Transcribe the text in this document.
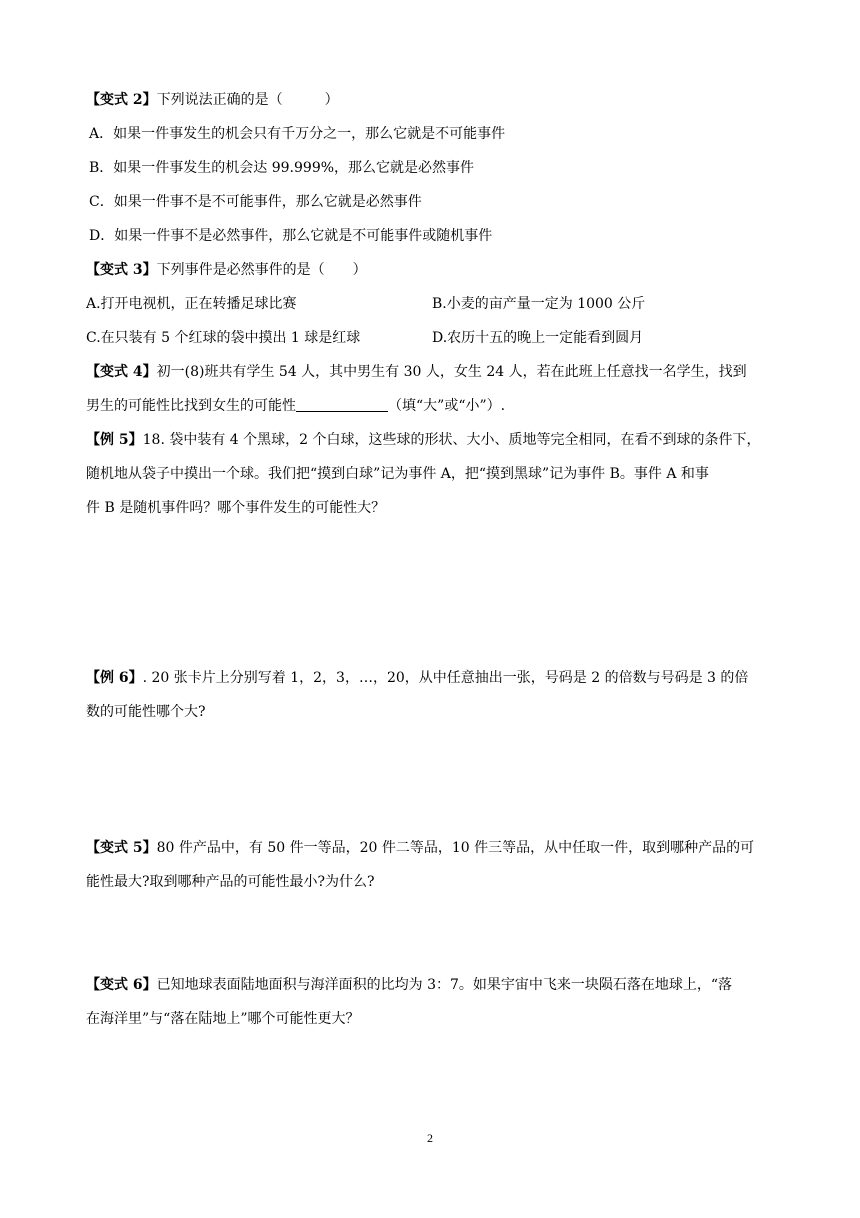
【变式 2】下列说法正确的是（　　　）
A．如果一件事发生的机会只有千万分之一，那么它就是不可能事件
B．如果一件事发生的机会达 99.999%，那么它就是必然事件
C．如果一件事不是不可能事件，那么它就是必然事件
D．如果一件事不是必然事件，那么它就是不可能事件或随机事件
【变式 3】下列事件是必然事件的是（　　）
A.打开电视机，正在转播足球比赛	B.小麦的亩产量一定为 1000 公斤
C.在只装有 5 个红球的袋中摸出 1 球是红球	D.农历十五的晚上一定能看到圆月
【变式 4】初一(8)班共有学生 54 人，其中男生有 30 人，女生 24 人，若在此班上任意找一名学生，找到
男生的可能性比找到女生的可能性	（填“大”或“小”）.
【例 5】18. 袋中装有 4 个黑球，2 个白球，这些球的形状、大小、质地等完全相同，在看不到球的条件下，
随机地从袋子中摸出一个球。我们把“摸到白球”记为事件 A，把“摸到黑球”记为事件 B。事件 A 和事
件 B 是随机事件吗？哪个事件发生的可能性大？
【例 6】. 20 张卡片上分别写着 1，2，3，…，20，从中任意抽出一张，号码是 2 的倍数与号码是 3 的倍
数的可能性哪个大?
【变式 5】80 件产品中，有 50 件一等品，20 件二等品，10 件三等品，从中任取一件，取到哪种产品的可
能性最大?取到哪种产品的可能性最小?为什么?
【变式 6】已知地球表面陆地面积与海洋面积的比均为 3：7。如果宇宙中飞来一块陨石落在地球上，“落
在海洋里”与“落在陆地上”哪个可能性更大？
2
